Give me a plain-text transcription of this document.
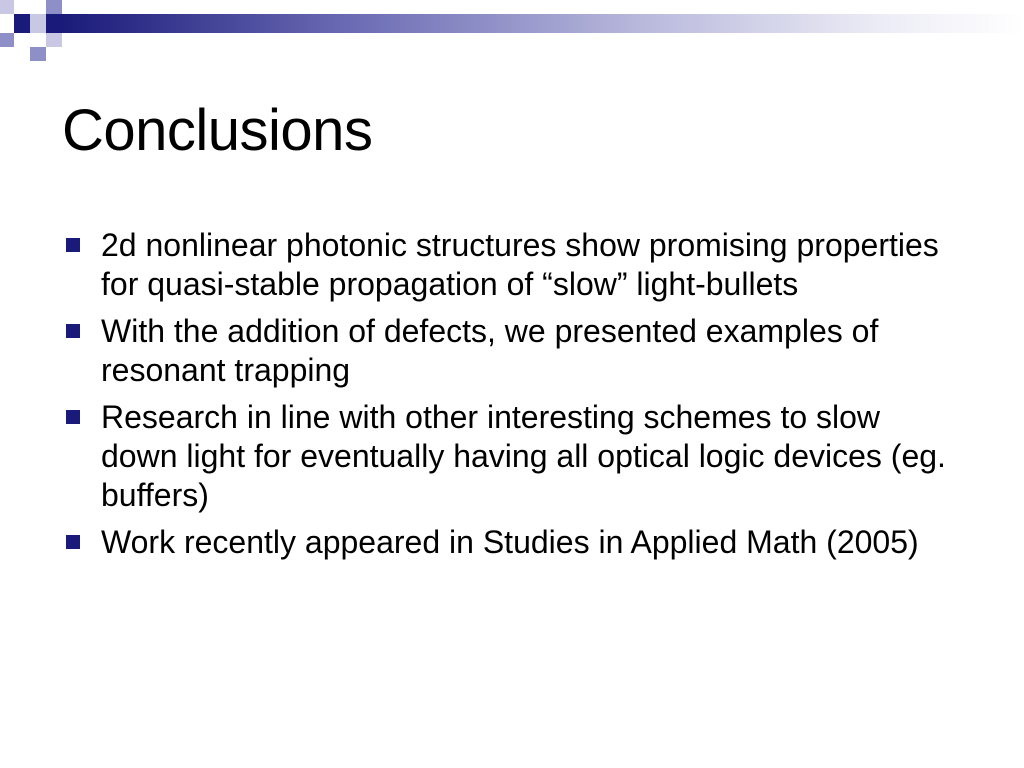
Conclusions
2d nonlinear photonic structures show promising properties for quasi-stable propagation of “slow” light-bullets
With the addition of defects, we presented examples of resonant trapping
Research in line with other interesting schemes to slow down light for eventually having all optical logic devices (eg. buffers)
Work recently appeared in Studies in Applied Math (2005)
